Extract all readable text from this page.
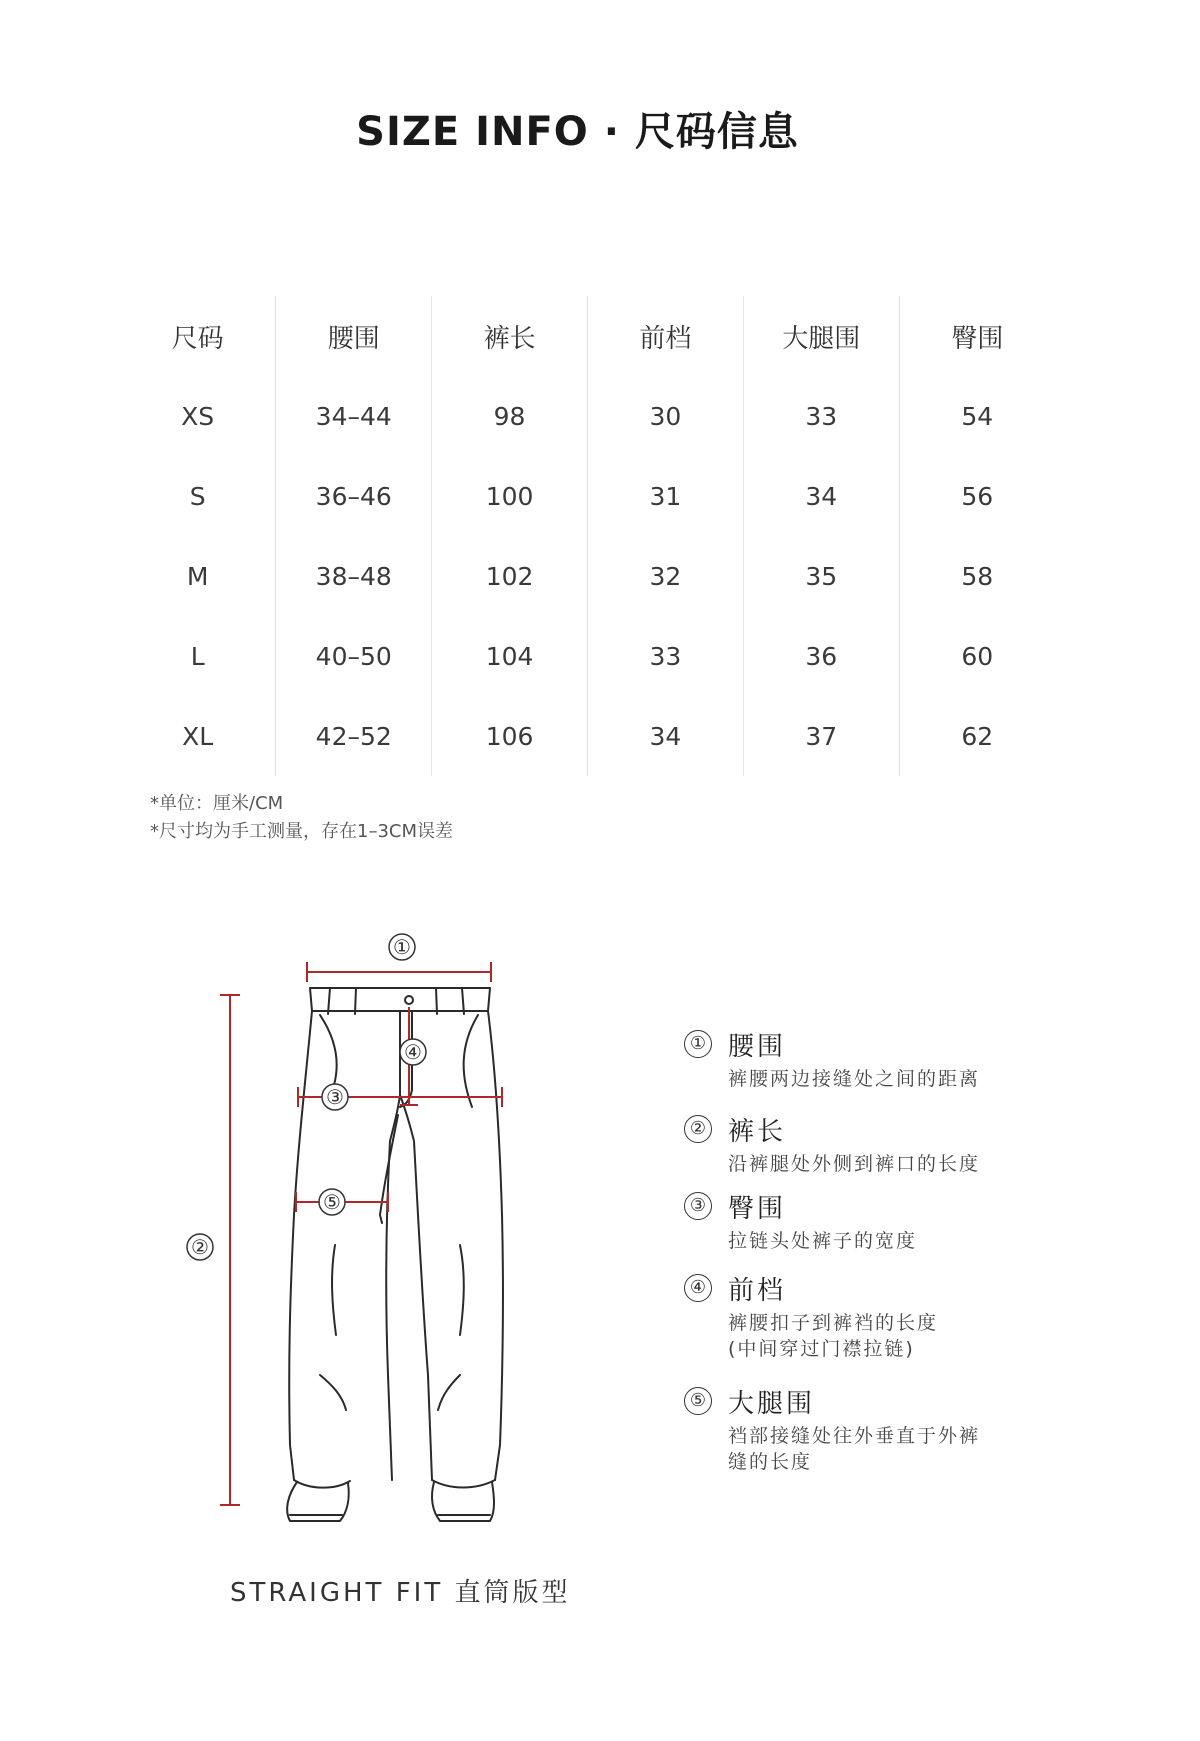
SIZE INFO · 尺码信息
尺码	腰围	裤长	前档	大腿围	臀围
XS	34–44	98	30	33	54
S	36–46	100	31	34	56
M	38–48	102	32	35	58
L	40–50	104	33	36	60
XL	42–52	106	34	37	62
*单位：厘米/CM
*尺寸均为手工测量，存在1–3CM误差
①
②
③
④
⑤
STRAIGHT FIT 直筒版型
① 腰围
裤腰两边接缝处之间的距离
② 裤长
沿裤腿处外侧到裤口的长度
③ 臀围
拉链头处裤子的宽度
④ 前档
裤腰扣子到裤裆的长度
(中间穿过门襟拉链)
⑤ 大腿围
裆部接缝处往外垂直于外裤
缝的长度
